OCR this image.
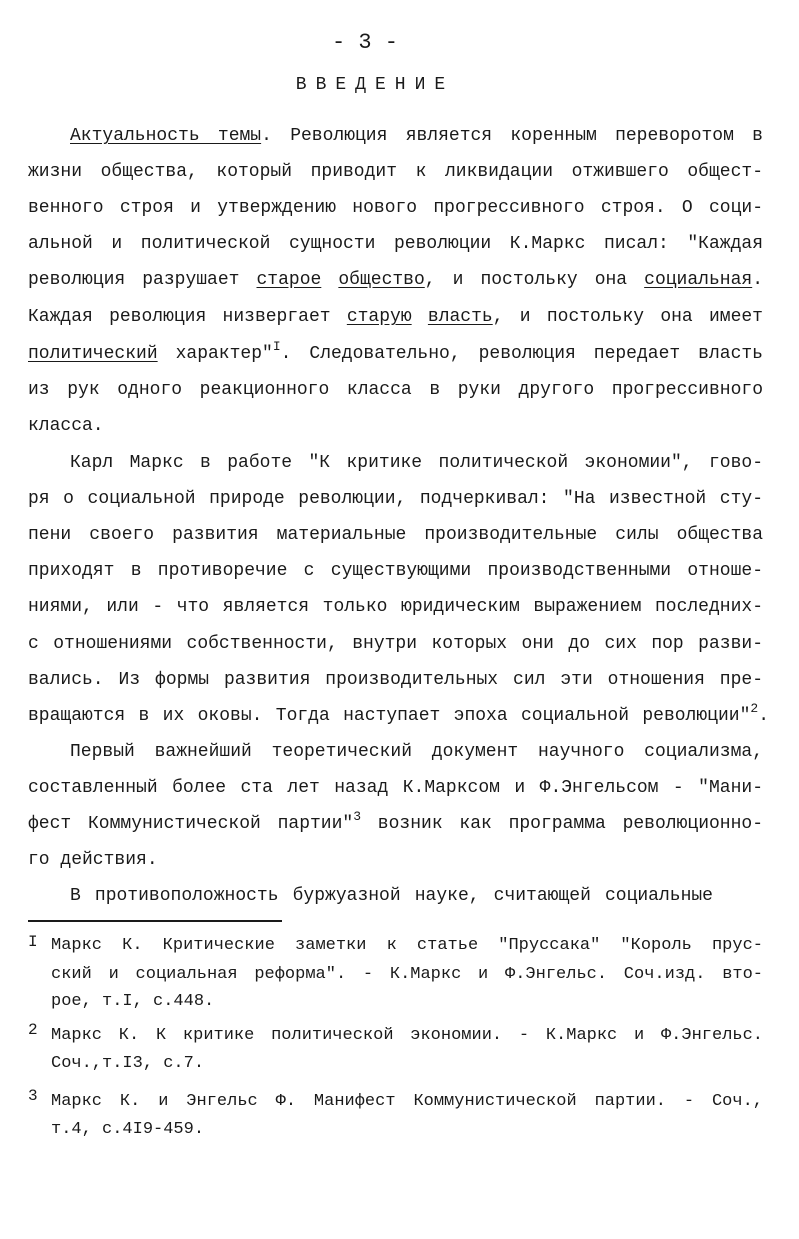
- 3 -
ВВЕДЕНИЕ
Актуальность темы. Революция является коренным переворотом в
жизни общества, который приводит к ликвидации отжившего общест-
венного строя и утверждению нового прогрессивного строя. О соци-
альной и политической сущности революции К.Маркс писал: "Каждая
революция разрушает старое общество, и постольку она социальная.
Каждая революция низвергает старую власть, и постольку она имеет
политический характер"$^I$. Следовательно, революция передает власть
из рук одного реакционного класса в руки другого прогрессивного
класса.
Карл Маркс в работе "К критике политической экономии", гово-
ря о социальной природе революции, подчеркивал: "На известной сту-
пени своего развития материальные производительные силы общества
приходят в противоречие с существующими производственными отноше-
ниями, или - что является только юридическим выражением последних-
с отношениями собственности, внутри которых они до сих пор разви-
вались. Из формы развития производительных сил эти отношения пре-
вращаются в их оковы. Тогда наступает эпоха социальной революции"$^2$.
Первый важнейший теоретический документ научного социализма,
составленный более ста лет назад К.Марксом и Ф.Энгельсом - "Мани-
фест Коммунистической партии"$^3$ возник как программа революционно-
го действия.
В противоположность буржуазной науке, считающей социальные
I Маркс К. Критические заметки к статье "Пруссака" "Король прус-
ский и социальная реформа". - К.Маркс и Ф.Энгельс. Соч.изд. вто-
рое, т.I, с.448.
2 Маркс К. К критике политической экономии. - К.Маркс и Ф.Энгельс.
Соч.,т.I3, с.7.
3 Маркс К. и Энгельс Ф. Манифест Коммунистической партии. - Соч.,
т.4, с.4I9-459.
